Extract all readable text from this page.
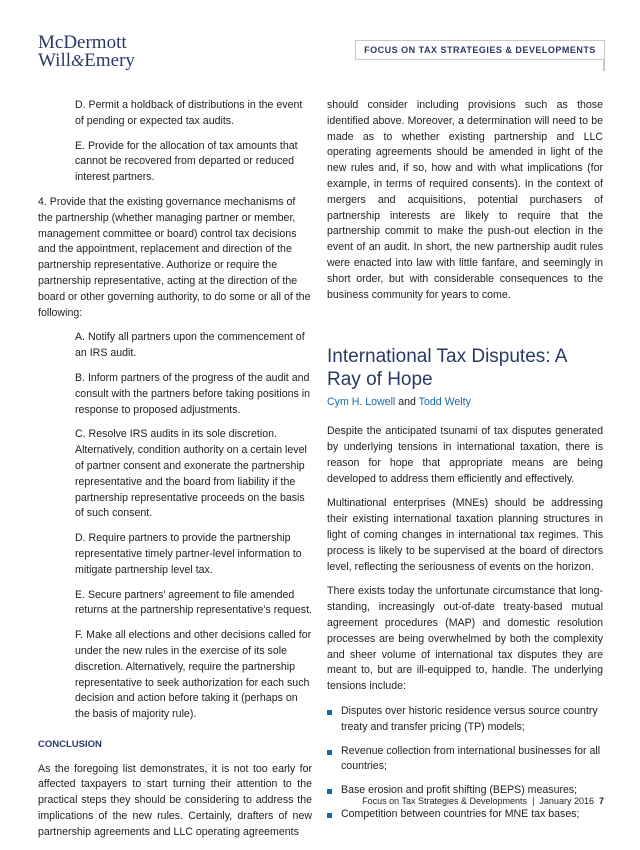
McDermott
Will&Emery	FOCUS ON TAX STRATEGIES & DEVELOPMENTS

D. Permit a holdback of distributions in the event of pending or expected tax audits.

E. Provide for the allocation of tax amounts that cannot be recovered from departed or reduced interest partners.

4. Provide that the existing governance mechanisms of the partnership (whether managing partner or member, management committee or board) control tax decisions and the appointment, replacement and direction of the partnership representative. Authorize or require the partnership representative, acting at the direction of the board or other governing authority, to do some or all of the following:

A. Notify all partners upon the commencement of an IRS audit.

B. Inform partners of the progress of the audit and consult with the partners before taking positions in response to proposed adjustments.

C. Resolve IRS audits in its sole discretion. Alternatively, condition authority on a certain level of partner consent and exonerate the partnership representative and the board from liability if the partnership representative proceeds on the basis of such consent.

D. Require partners to provide the partnership representative timely partner-level information to mitigate partnership level tax.

E. Secure partners' agreement to file amended returns at the partnership representative's request.

F. Make all elections and other decisions called for under the new rules in the exercise of its sole discretion. Alternatively, require the partnership representative to seek authorization for each such decision and action before taking it (perhaps on the basis of majority rule).

CONCLUSION

As the foregoing list demonstrates, it is not too early for affected taxpayers to start turning their attention to the practical steps they should be considering to address the implications of the new rules. Certainly, drafters of new partnership agreements and LLC operating agreements

should consider including provisions such as those identified above. Moreover, a determination will need to be made as to whether existing partnership and LLC operating agreements should be amended in light of the new rules and, if so, how and with what implications (for example, in terms of required consents). In the context of mergers and acquisitions, potential purchasers of partnership interests are likely to require that the partnership commit to make the push-out election in the event of an audit. In short, the new partnership audit rules were enacted into law with little fanfare, and seemingly in short order, but with considerable consequences to the business community for years to come.

International Tax Disputes: A Ray of Hope
Cym H. Lowell and Todd Welty

Despite the anticipated tsunami of tax disputes generated by underlying tensions in international taxation, there is reason for hope that appropriate means are being developed to address them efficiently and effectively.

Multinational enterprises (MNEs) should be addressing their existing international taxation planning structures in light of coming changes in international tax regimes. This process is likely to be supervised at the board of directors level, reflecting the seriousness of events on the horizon.

There exists today the unfortunate circumstance that long-standing, increasingly out-of-date treaty-based mutual agreement procedures (MAP) and domestic resolution processes are being overwhelmed by both the complexity and sheer volume of international tax disputes they are meant to, but are ill-equipped to, handle. The underlying tensions include:

Disputes over historic residence versus source country treaty and transfer pricing (TP) models;
Revenue collection from international businesses for all countries;
Base erosion and profit shifting (BEPS) measures;
Competition between countries for MNE tax bases;
Focus on Tax Strategies & Developments | January 2016 7
